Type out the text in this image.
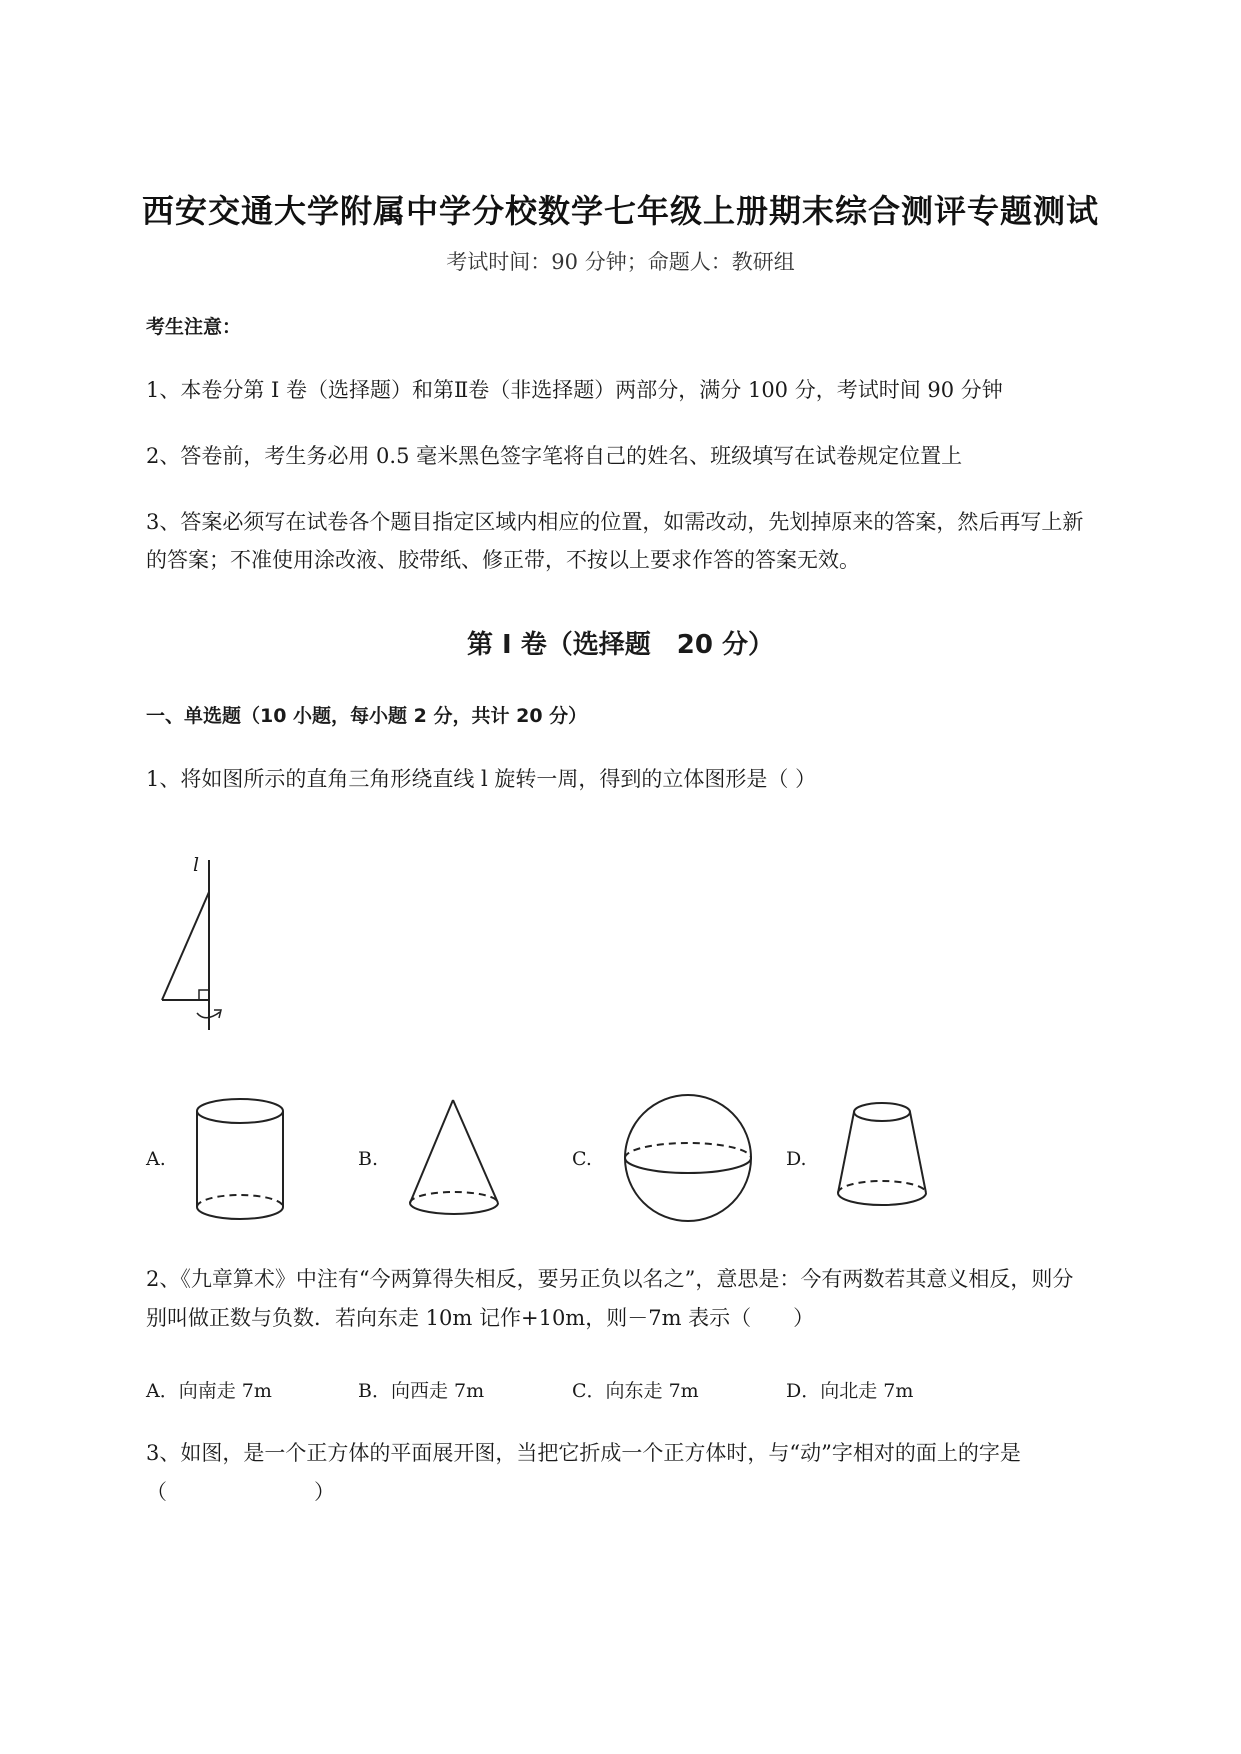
西安交通大学附属中学分校数学七年级上册期末综合测评专题测试
考试时间：90 分钟；命题人：教研组
考生注意：
1、本卷分第 I 卷（选择题）和第Ⅱ卷（非选择题）两部分，满分 100 分，考试时间 90 分钟
2、答卷前，考生务必用 0.5 毫米黑色签字笔将自己的姓名、班级填写在试卷规定位置上
3、答案必须写在试卷各个题目指定区域内相应的位置，如需改动，先划掉原来的答案，然后再写上新
的答案；不准使用涂改液、胶带纸、修正带，不按以上要求作答的答案无效。
第 I 卷（选择题　20 分）
一、单选题（10 小题，每小题 2 分，共计 20 分）
1、将如图所示的直角三角形绕直线 l 旋转一周，得到的立体图形是（ ）
l
A.	B.	C.	D.
2、《九章算术》中注有“今两算得失相反，要另正负以名之”，意思是：今有两数若其意义相反，则分
别叫做正数与负数．若向东走 10m 记作+10m，则－7m 表示（　　）
A．向南走 7m	B．向西走 7m	C．向东走 7m	D．向北走 7m
3、如图，是一个正方体的平面展开图，当把它折成一个正方体时，与“动”字相对的面上的字是
（　　　　　　　）
